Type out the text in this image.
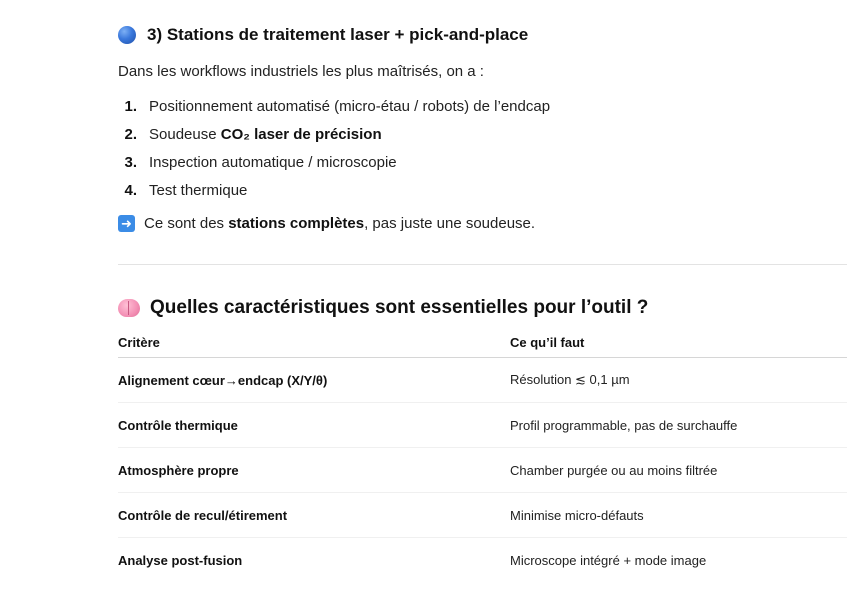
3) Stations de traitement laser + pick-and-place
Dans les workflows industriels les plus maîtrisés, on a :
1. Positionnement automatisé (micro-étau / robots) de l’endcap
2. Soudeuse CO₂ laser de précision
3. Inspection automatique / microscopie
4. Test thermique
➜ Ce sont des stations complètes, pas juste une soudeuse.
Quelles caractéristiques sont essentielles pour l’outil ?
Critère	Ce qu’il faut
Alignement cœur→endcap (X/Y/θ)	Résolution ≲ 0,1 µm
Contrôle thermique	Profil programmable, pas de surchauffe
Atmosphère propre	Chamber purgée ou au moins filtrée
Contrôle de recul/étirement	Minimise micro-défauts
Analyse post-fusion	Microscope intégré + mode image
